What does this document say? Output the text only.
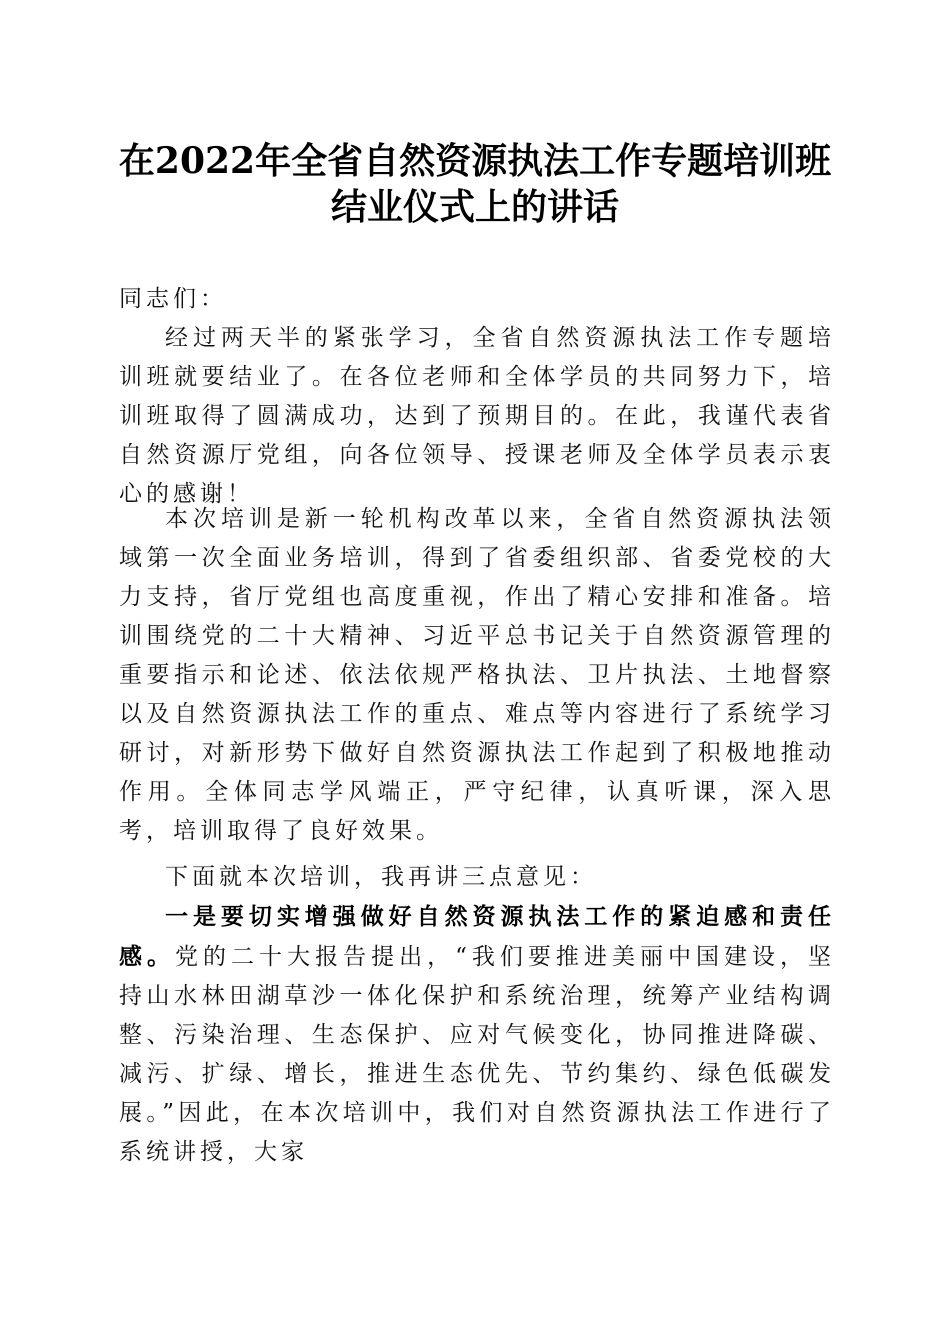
在2022年全省自然资源执法工作专题培训班
结业仪式上的讲话
同志们：
经过两天半的紧张学习，全省自然资源执法工作专题培训班就要结业了。在各位老师和全体学员的共同努力下，培训班取得了圆满成功，达到了预期目的。在此，我谨代表省自然资源厅党组，向各位领导、授课老师及全体学员表示衷心的感谢！
本次培训是新一轮机构改革以来，全省自然资源执法领域第一次全面业务培训，得到了省委组织部、省委党校的大力支持，省厅党组也高度重视，作出了精心安排和准备。培训围绕党的二十大精神、习近平总书记关于自然资源管理的重要指示和论述、依法依规严格执法、卫片执法、土地督察以及自然资源执法工作的重点、难点等内容进行了系统学习研讨，对新形势下做好自然资源执法工作起到了积极地推动作用。全体同志学风端正，严守纪律，认真听课，深入思考，培训取得了良好效果。
下面就本次培训，我再讲三点意见：
一是要切实增强做好自然资源执法工作的紧迫感和责任感。党的二十大报告提出，“我们要推进美丽中国建设，坚持山水林田湖草沙一体化保护和系统治理，统筹产业结构调整、污染治理、生态保护、应对气候变化，协同推进降碳、减污、扩绿、增长，推进生态优先、节约集约、绿色低碳发展。”因此，在本次培训中，我们对自然资源执法工作进行了系统讲授，大家
